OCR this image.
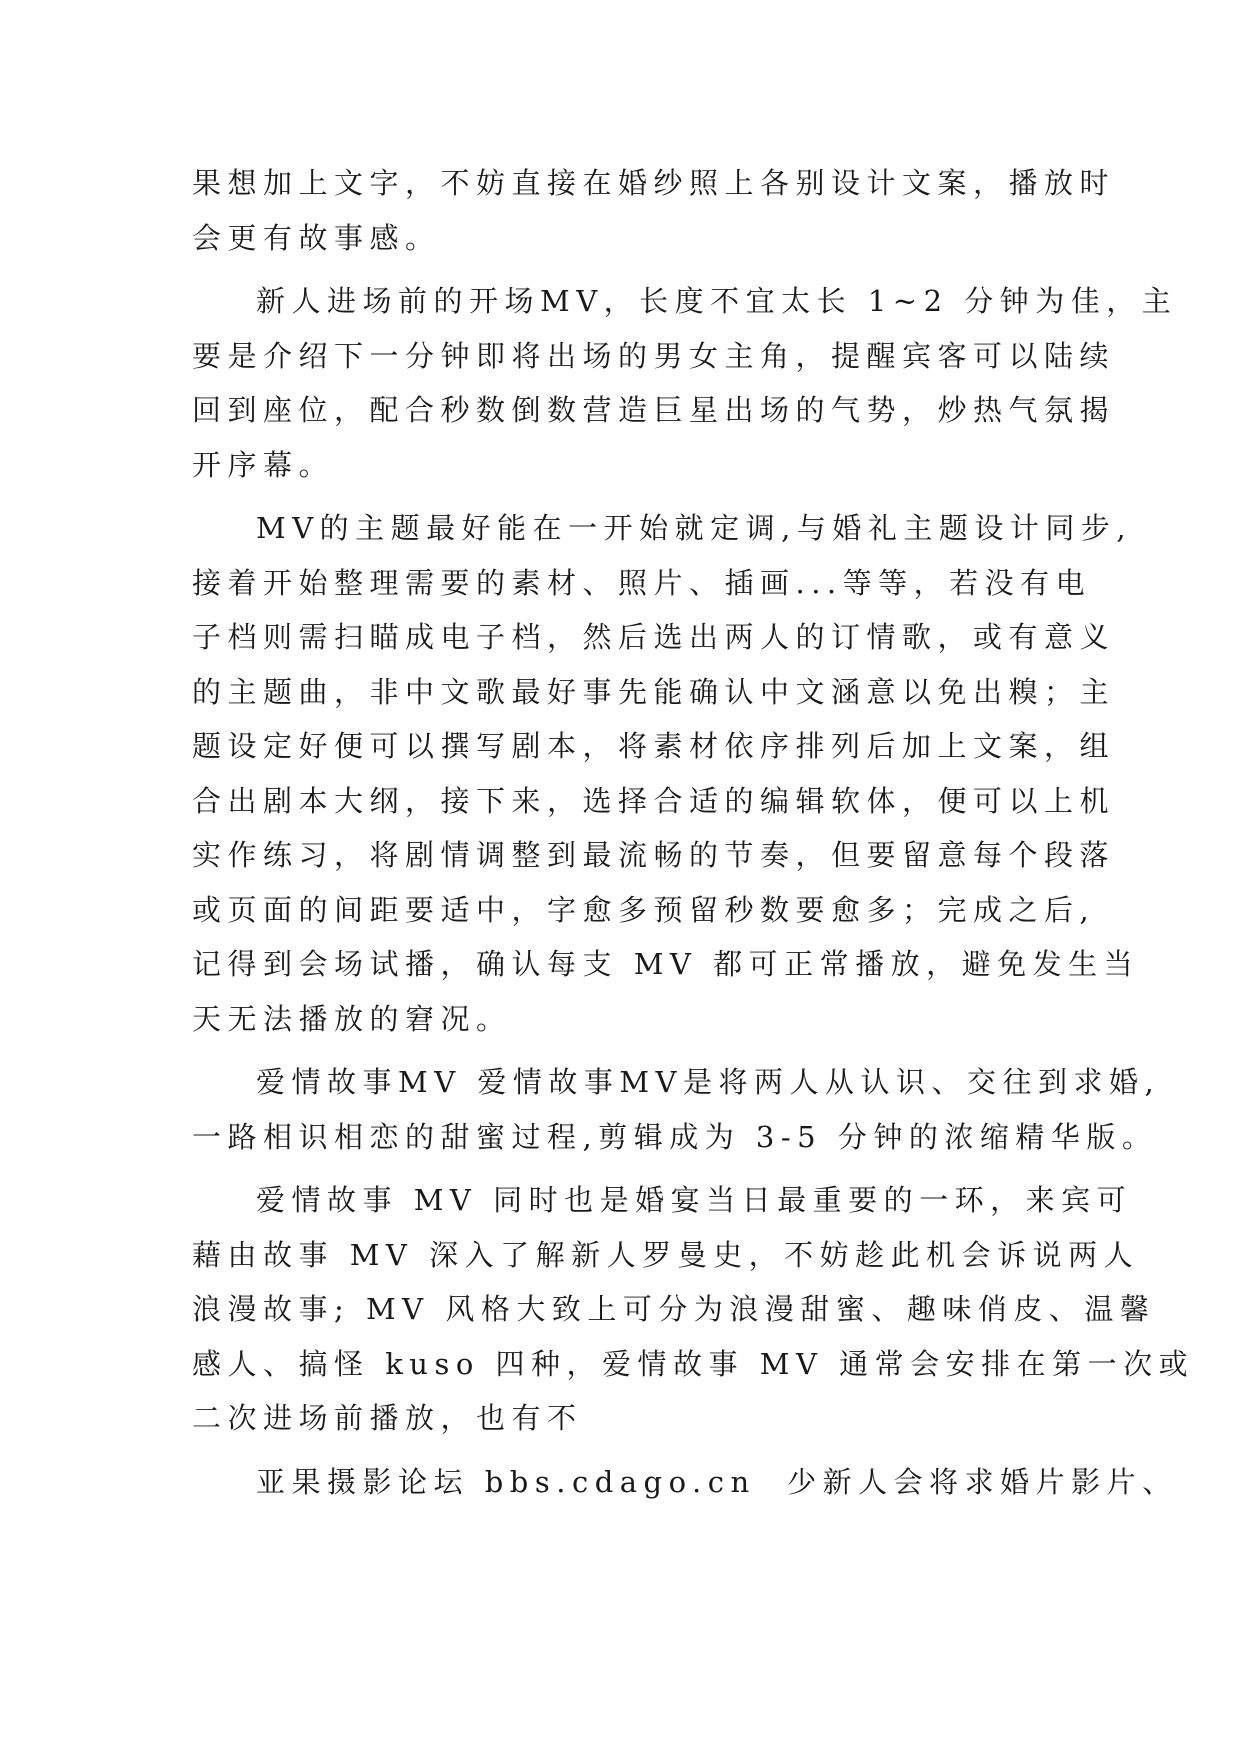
果想加上文字，不妨直接在婚纱照上各别设计文案，播放时
会更有故事感。
新人进场前的开场MV，长度不宜太长 1~2 分钟为佳，主
要是介绍下一分钟即将出场的男女主角，提醒宾客可以陆续
回到座位，配合秒数倒数营造巨星出场的气势，炒热气氛揭
开序幕。
MV的主题最好能在一开始就定调,与婚礼主题设计同步,
接着开始整理需要的素材、照片、插画...等等，若没有电
子档则需扫瞄成电子档，然后选出两人的订情歌，或有意义
的主题曲，非中文歌最好事先能确认中文涵意以免出糗；主
题设定好便可以撰写剧本，将素材依序排列后加上文案，组
合出剧本大纲，接下来，选择合适的编辑软体，便可以上机
实作练习，将剧情调整到最流畅的节奏，但要留意每个段落
或页面的间距要适中，字愈多预留秒数要愈多；完成之后,
记得到会场试播，确认每支 MV 都可正常播放，避免发生当
天无法播放的窘况。
爱情故事MV 爱情故事MV是将两人从认识、交往到求婚,
一路相识相恋的甜蜜过程,剪辑成为 3-5 分钟的浓缩精华版。
爱情故事 MV 同时也是婚宴当日最重要的一环，来宾可
藉由故事 MV 深入了解新人罗曼史，不妨趁此机会诉说两人
浪漫故事; MV 风格大致上可分为浪漫甜蜜、趣味俏皮、温馨
感人、搞怪 kuso 四种，爱情故事 MV 通常会安排在第一次或
二次进场前播放，也有不
亚果摄影论坛 bbs.cdago.cn  少新人会将求婚片影片、
